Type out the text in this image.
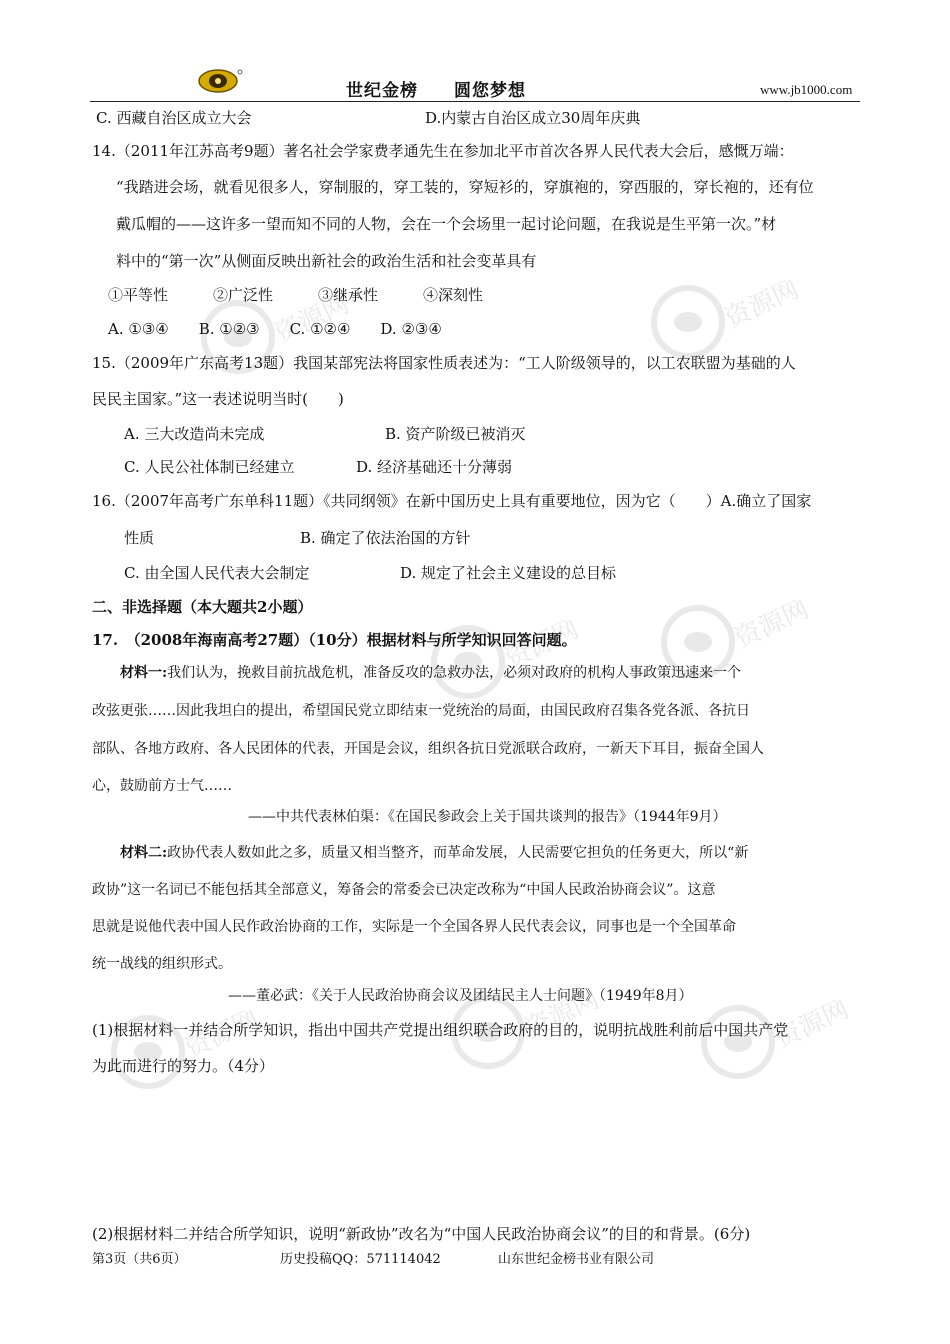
世纪金榜　　圆您梦想	www.jb1000.com
资源网	资源网
资源网	资源网
资源网	资源网	资源网
C. 西藏自治区成立大会	D.内蒙古自治区成立30周年庆典
14.（2011年江苏高考9题）著名社会学家费孝通先生在参加北平市首次各界人民代表大会后，感慨万端：
“我踏进会场，就看见很多人，穿制服的，穿工装的，穿短衫的，穿旗袍的，穿西服的，穿长袍的，还有位
戴瓜帽的——这许多一望而知不同的人物，会在一个会场里一起讨论问题，在我说是生平第一次。”材
料中的“第一次”从侧面反映出新社会的政治生活和社会变革具有
①平等性　　　②广泛性　　　③继承性　　　④深刻性
A. ①③④　　B. ①②③　　C. ①②④　　D. ②③④
15.（2009年广东高考13题）我国某部宪法将国家性质表述为：“工人阶级领导的，以工农联盟为基础的人
民民主国家。”这一表述说明当时(　　)
A. 三大改造尚未完成	B. 资产阶级已被消灭
C. 人民公社体制已经建立	D. 经济基础还十分薄弱
16.（2007年高考广东单科11题）《共同纲领》在新中国历史上具有重要地位，因为它（　　）A.确立了国家
性质	B. 确定了依法治国的方针
C. 由全国人民代表大会制定	D. 规定了社会主义建设的总目标
二、非选择题（本大题共2小题）
17.　（2008年海南高考27题）（10分）根据材料与所学知识回答问题。
材料一:我们认为，挽救目前抗战危机，准备反攻的急救办法，必须对政府的机构人事政策迅速来一个
改弦更张……因此我坦白的提出，希望国民党立即结束一党统治的局面，由国民政府召集各党各派、各抗日
部队、各地方政府、各人民团体的代表，开国是会议，组织各抗日党派联合政府，一新天下耳目，振奋全国人
心，鼓励前方士气……
——中共代表林伯渠：《在国民参政会上关于国共谈判的报告》（1944年9月）
材料二:政协代表人数如此之多，质量又相当整齐，而革命发展，人民需要它担负的任务更大，所以“新
政协”这一名词已不能包括其全部意义，筹备会的常委会已决定改称为“中国人民政治协商会议”。这意
思就是说他代表中国人民作政治协商的工作，实际是一个全国各界人民代表会议，同事也是一个全国革命
统一战线的组织形式。
——董必武：《关于人民政治协商会议及团结民主人士问题》（1949年8月）
(1)根据材料一并结合所学知识，指出中国共产党提出组织联合政府的目的，说明抗战胜利前后中国共产党
为此而进行的努力。（4分）
(2)根据材料二并结合所学知识，说明“新政协”改名为“中国人民政治协商会议”的目的和背景。(6分)
第3页（共6页）	历史投稿QQ：571114042	山东世纪金榜书业有限公司
